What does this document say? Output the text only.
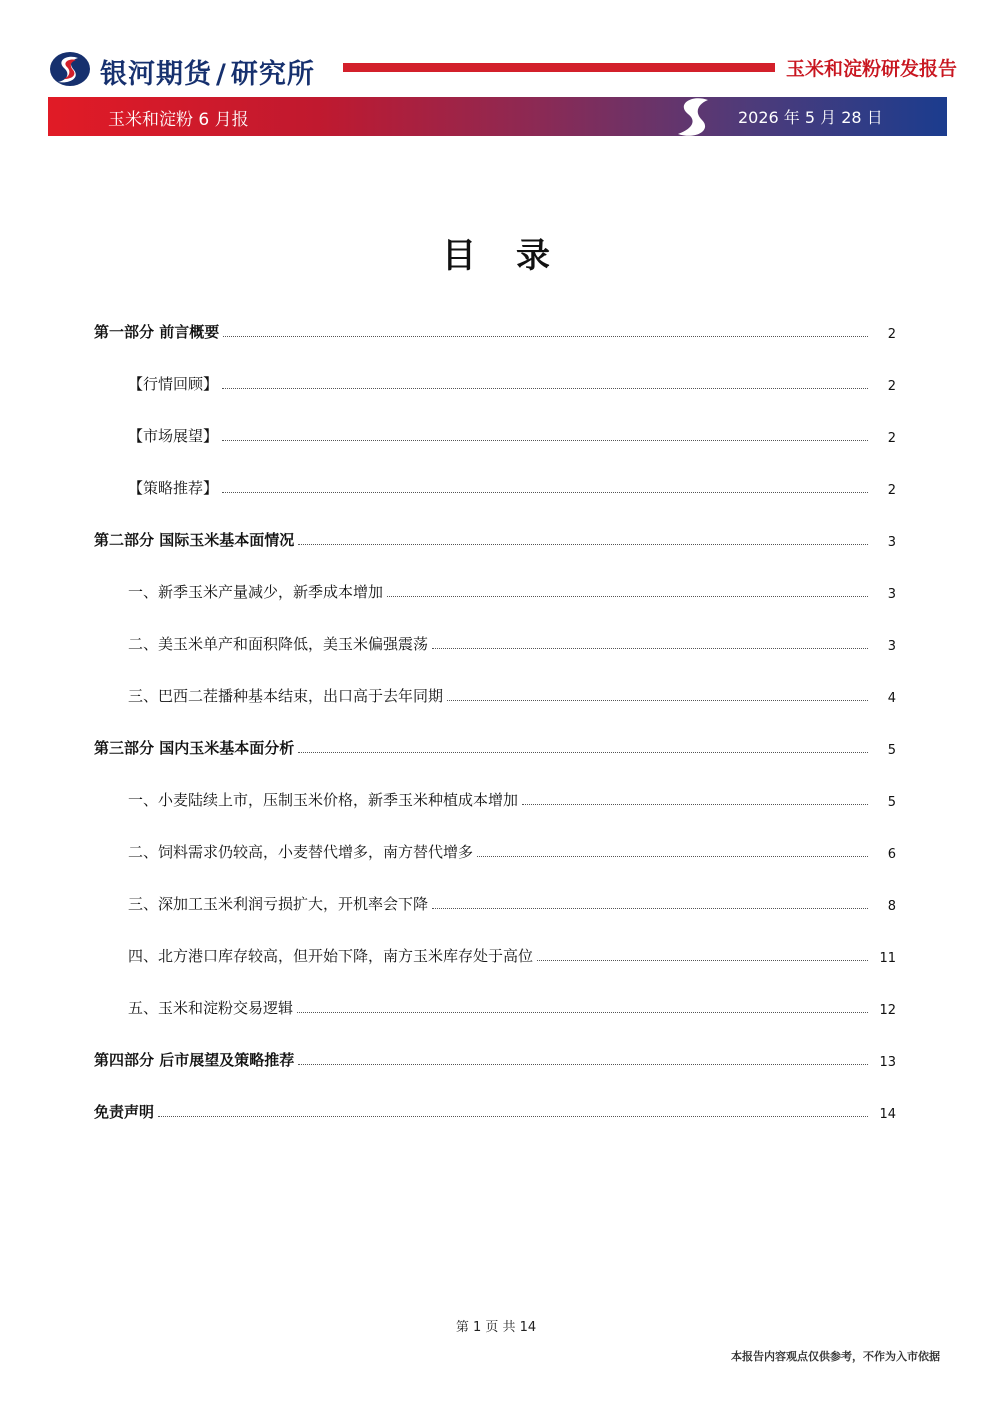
银河期货 / 研究所	玉米和淀粉研发报告
玉米和淀粉 6 月报	2026 年 5 月 28 日
目录
第一部分 前言概要	2
【行情回顾】	2
【市场展望】	2
【策略推荐】	2
第二部分 国际玉米基本面情况	3
一、新季玉米产量减少，新季成本增加	3
二、美玉米单产和面积降低，美玉米偏强震荡	3
三、巴西二茬播种基本结束，出口高于去年同期	4
第三部分 国内玉米基本面分析	5
一、小麦陆续上市，压制玉米价格，新季玉米种植成本增加	5
二、饲料需求仍较高，小麦替代增多，南方替代增多	6
三、深加工玉米利润亏损扩大，开机率会下降	8
四、北方港口库存较高，但开始下降，南方玉米库存处于高位	11
五、玉米和淀粉交易逻辑	12
第四部分 后市展望及策略推荐	13
免责声明	14
第 1 页 共 14
本报告内容观点仅供参考，不作为入市依据
